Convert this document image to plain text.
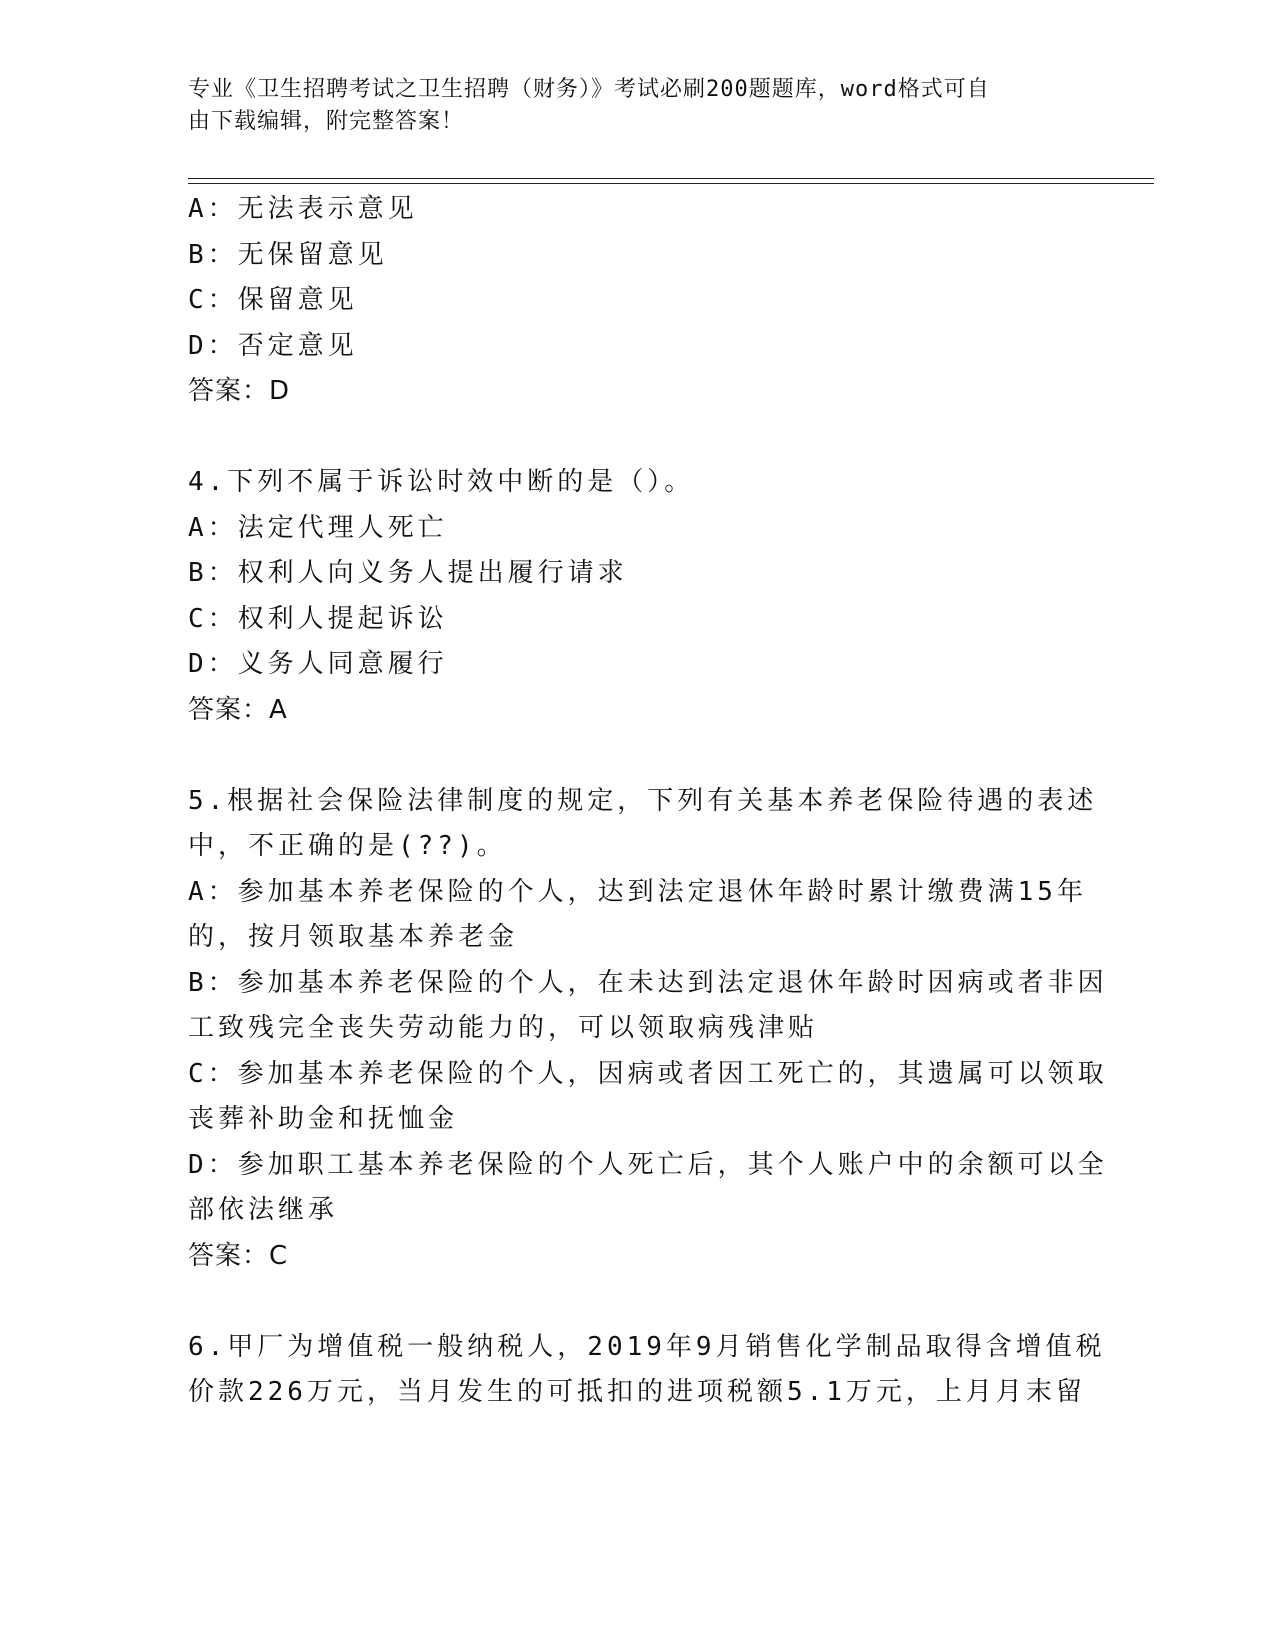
专业《卫生招聘考试之卫生招聘（财务）》考试必刷200题题库，word格式可自
由下载编辑，附完整答案！
A：无法表示意见
B：无保留意见
C：保留意见
D：否定意见
答案：D
4.下列不属于诉讼时效中断的是（）。
A：法定代理人死亡
B：权利人向义务人提出履行请求
C：权利人提起诉讼
D：义务人同意履行
答案：A
5.根据社会保险法律制度的规定，下列有关基本养老保险待遇的表述
中，不正确的是(??)。
A：参加基本养老保险的个人，达到法定退休年龄时累计缴费满15年
的，按月领取基本养老金
B：参加基本养老保险的个人，在未达到法定退休年龄时因病或者非因
工致残完全丧失劳动能力的，可以领取病残津贴
C：参加基本养老保险的个人，因病或者因工死亡的，其遗属可以领取
丧葬补助金和抚恤金
D：参加职工基本养老保险的个人死亡后，其个人账户中的余额可以全
部依法继承
答案：C
6.甲厂为增值税一般纳税人，2019年9月销售化学制品取得含增值税
价款226万元，当月发生的可抵扣的进项税额5.1万元，上月月末留
